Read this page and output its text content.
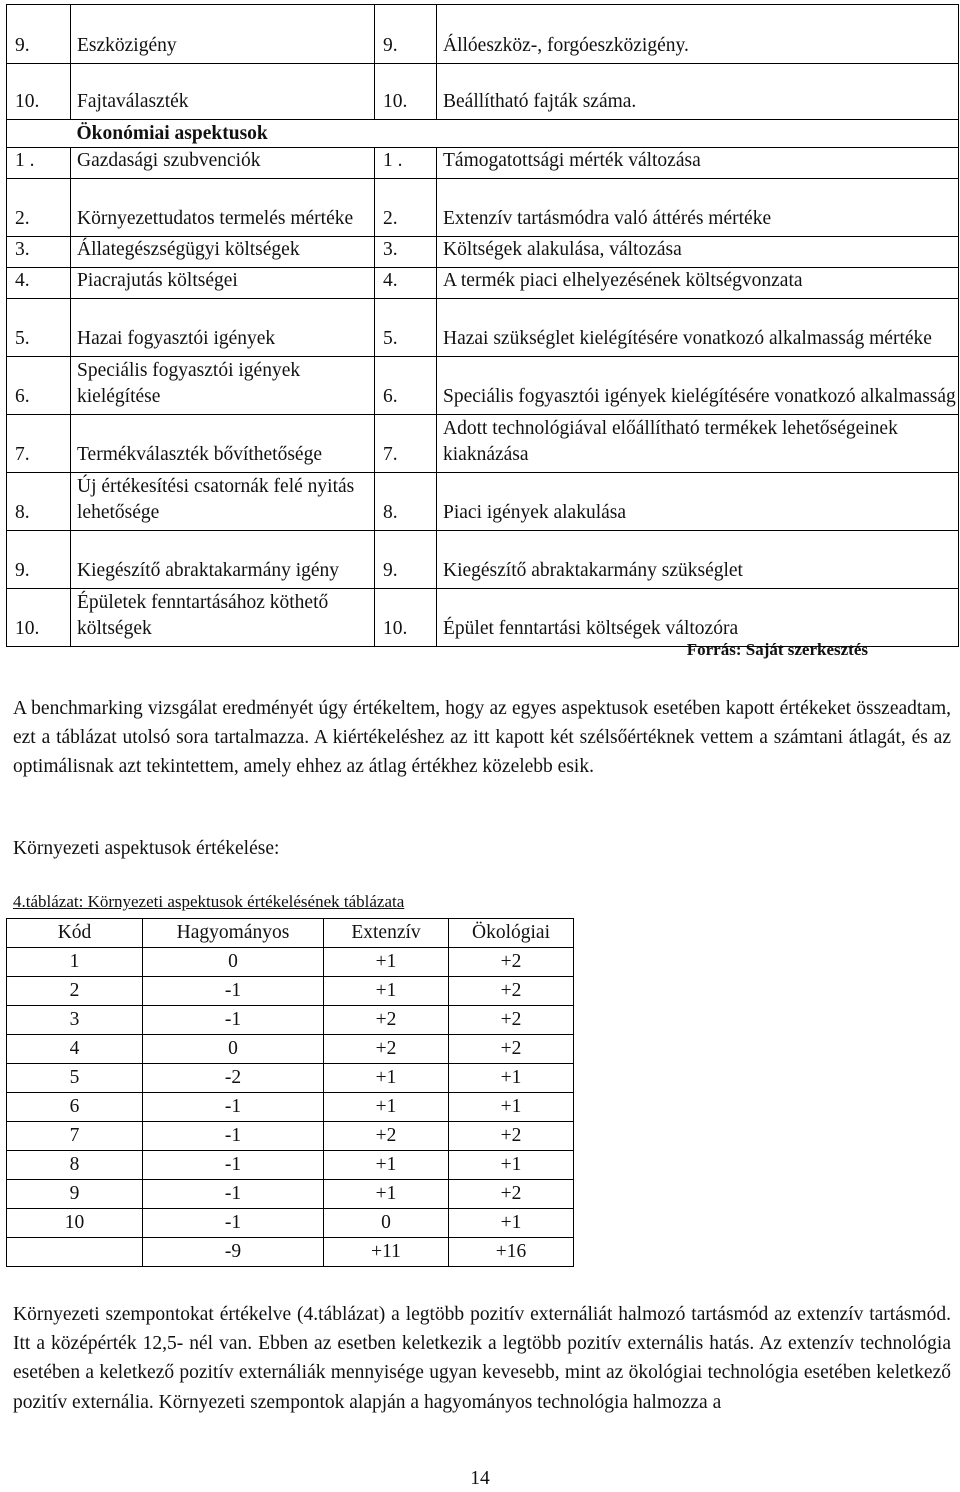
9.	Eszközigény	9.	Állóeszköz-, forgóeszközigény.
10.	Fajtaválaszték	10.	Beállítható fajták száma.
	Ökonómiai aspektusok		
1 .	Gazdasági szubvenciók	1 .	Támogatottsági mérték változása
2.	Környezettudatos termelés mértéke	2.	Extenzív tartásmódra való áttérés mértéke
3.	Állategészségügyi költségek	3.	Költségek alakulása, változása
4.	Piacrajutás költségei	4.	A termék piaci elhelyezésének költségvonzata
5.	Hazai fogyasztói igények	5.	Hazai szükséglet kielégítésére vonatkozó alkalmasság mértéke
6.	Speciális fogyasztói igények kielégítése	6.	Speciális fogyasztói igények kielégítésére vonatkozó alkalmasság
7.	Termékválaszték bővíthetősége	7.	Adott technológiával előállítható termékek lehetőségeinek kiaknázása
8.	Új értékesítési csatornák felé nyitás lehetősége	8.	Piaci igények alakulása
9.	Kiegészítő abraktakarmány igény	9.	Kiegészítő abraktakarmány szükséglet
10.	Épületek fenntartásához köthető költségek	10.	Épület fenntartási költségek változóra
Forrás: Saját szerkesztés

A benchmarking vizsgálat eredményét úgy értékeltem, hogy az egyes aspektusok esetében kapott értékeket összeadtam, ezt a táblázat utolsó sora tartalmazza. A kiértékeléshez az itt kapott két szélsőértéknek vettem a számtani átlagát, és az optimálisnak azt tekintettem, amely ehhez az átlag értékhez közelebb esik.

Környezeti aspektusok értékelése:
4.táblázat: Környezeti aspektusok értékelésének táblázata
Kód	Hagyományos	Extenzív	Ökológiai
1	0	+1	+2
2	-1	+1	+2
3	-1	+2	+2
4	0	+2	+2
5	-2	+1	+1
6	-1	+1	+1
7	-1	+2	+2
8	-1	+1	+1
9	-1	+1	+2
10	-1	0	+1
	-9	+11	+16

Környezeti szempontokat értékelve (4.táblázat) a legtöbb pozitív externáliát halmozó tartásmód az extenzív tartásmód. Itt a középérték 12,5- nél van. Ebben az esetben keletkezik a legtöbb pozitív externális hatás. Az extenzív technológia esetében a keletkező pozitív externáliák mennyisége ugyan kevesebb, mint az ökológiai technológia esetében keletkező pozitív externália. Környezeti szempontok alapján a hagyományos technológia halmozza a

14
